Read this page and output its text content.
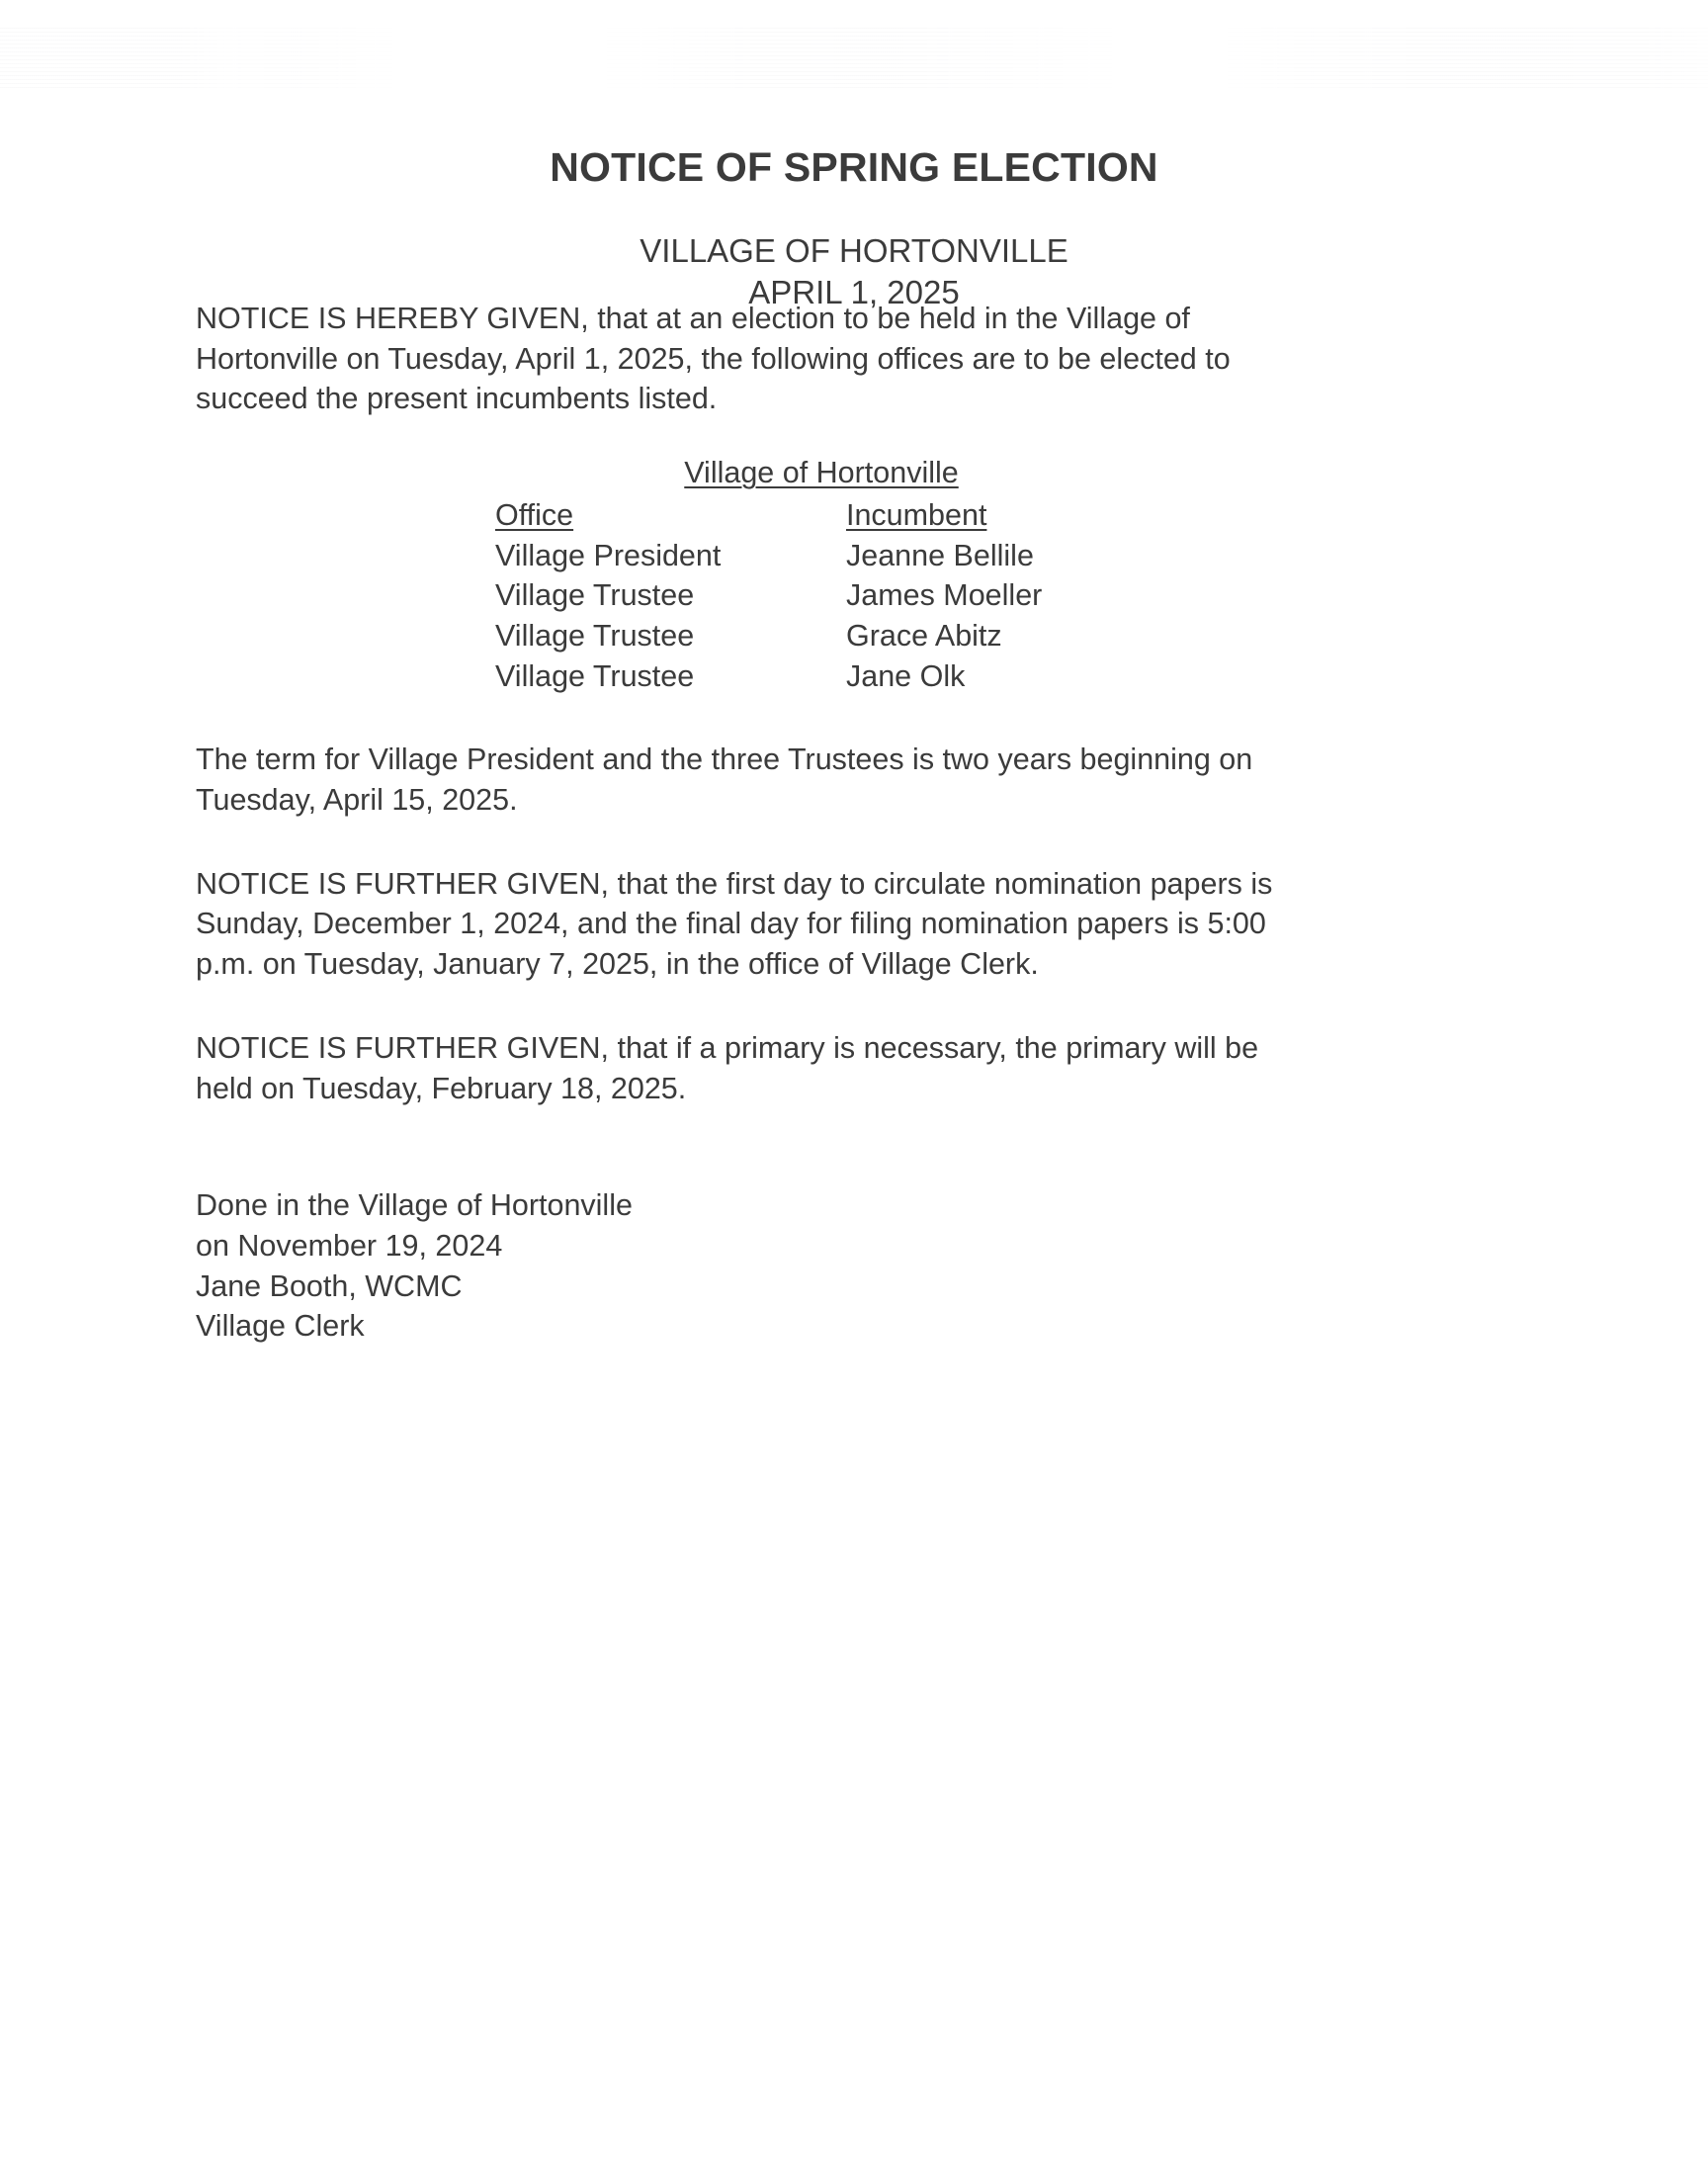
NOTICE OF SPRING ELECTION
VILLAGE OF HORTONVILLE
APRIL 1, 2025

NOTICE IS HEREBY GIVEN, that at an election to be held in the Village of Hortonville on Tuesday, April 1, 2025, the following offices are to be elected to succeed the present incumbents listed.

Village of Hortonville
Office	Incumbent
Village President	Jeanne Bellile
Village Trustee	James Moeller
Village Trustee	Grace Abitz
Village Trustee	Jane Olk

The term for Village President and the three Trustees is two years beginning on Tuesday, April 15, 2025.

NOTICE IS FURTHER GIVEN, that the first day to circulate nomination papers is Sunday, December 1, 2024, and the final day for filing nomination papers is 5:00 p.m. on Tuesday, January 7, 2025, in the office of Village Clerk.

NOTICE IS FURTHER GIVEN, that if a primary is necessary, the primary will be held on Tuesday, February 18, 2025.

Done in the Village of Hortonville
on November 19, 2024
Jane Booth, WCMC
Village Clerk
